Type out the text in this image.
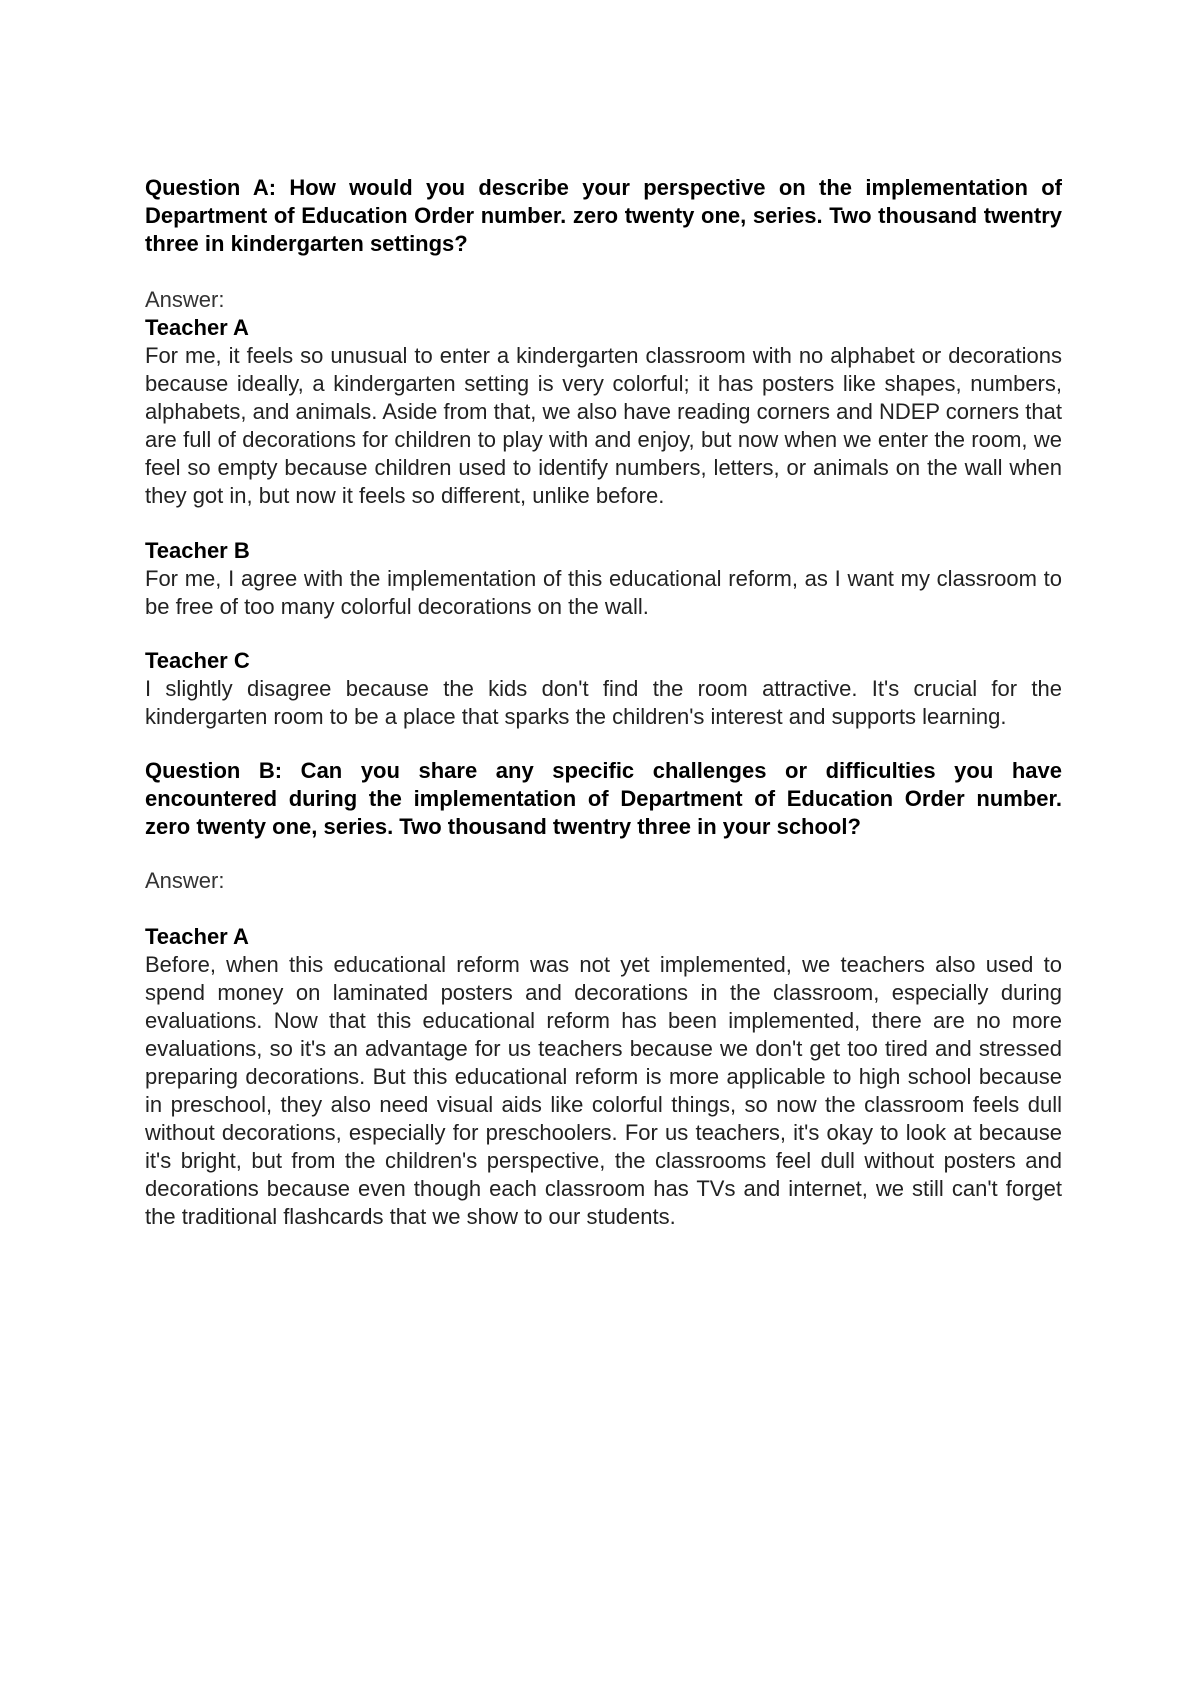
Question A: How would you describe your perspective on the implementation of Department of Education Order number. zero twenty one, series. Two thousand twentry three in kindergarten settings?

Answer:

Teacher A

For me, it feels so unusual to enter a kindergarten classroom with no alphabet or decorations because ideally, a kindergarten setting is very colorful; it has posters like shapes, numbers, alphabets, and animals. Aside from that, we also have reading corners and NDEP corners that are full of decorations for children to play with and enjoy, but now when we enter the room, we feel so empty because children used to identify numbers, letters, or animals on the wall when they got in, but now it feels so different, unlike before.

Teacher B

For me, I agree with the implementation of this educational reform, as I want my classroom to be free of too many colorful decorations on the wall.

Teacher C

I slightly disagree because the kids don't find the room attractive. It's crucial for the kindergarten room to be a place that sparks the children's interest and supports learning.

Question B: Can you share any specific challenges or difficulties you have encountered during the implementation of Department of Education Order number. zero twenty one, series. Two thousand twentry three in your school?

Answer:

Teacher A

Before, when this educational reform was not yet implemented, we teachers also used to spend money on laminated posters and decorations in the classroom, especially during evaluations. Now that this educational reform has been implemented, there are no more evaluations, so it's an advantage for us teachers because we don't get too tired and stressed preparing decorations. But this educational reform is more applicable to high school because in preschool, they also need visual aids like colorful things, so now the classroom feels dull without decorations, especially for preschoolers. For us teachers, it's okay to look at because it's bright, but from the children's perspective, the classrooms feel dull without posters and decorations because even though each classroom has TVs and internet, we still can't forget the traditional flashcards that we show to our students.
